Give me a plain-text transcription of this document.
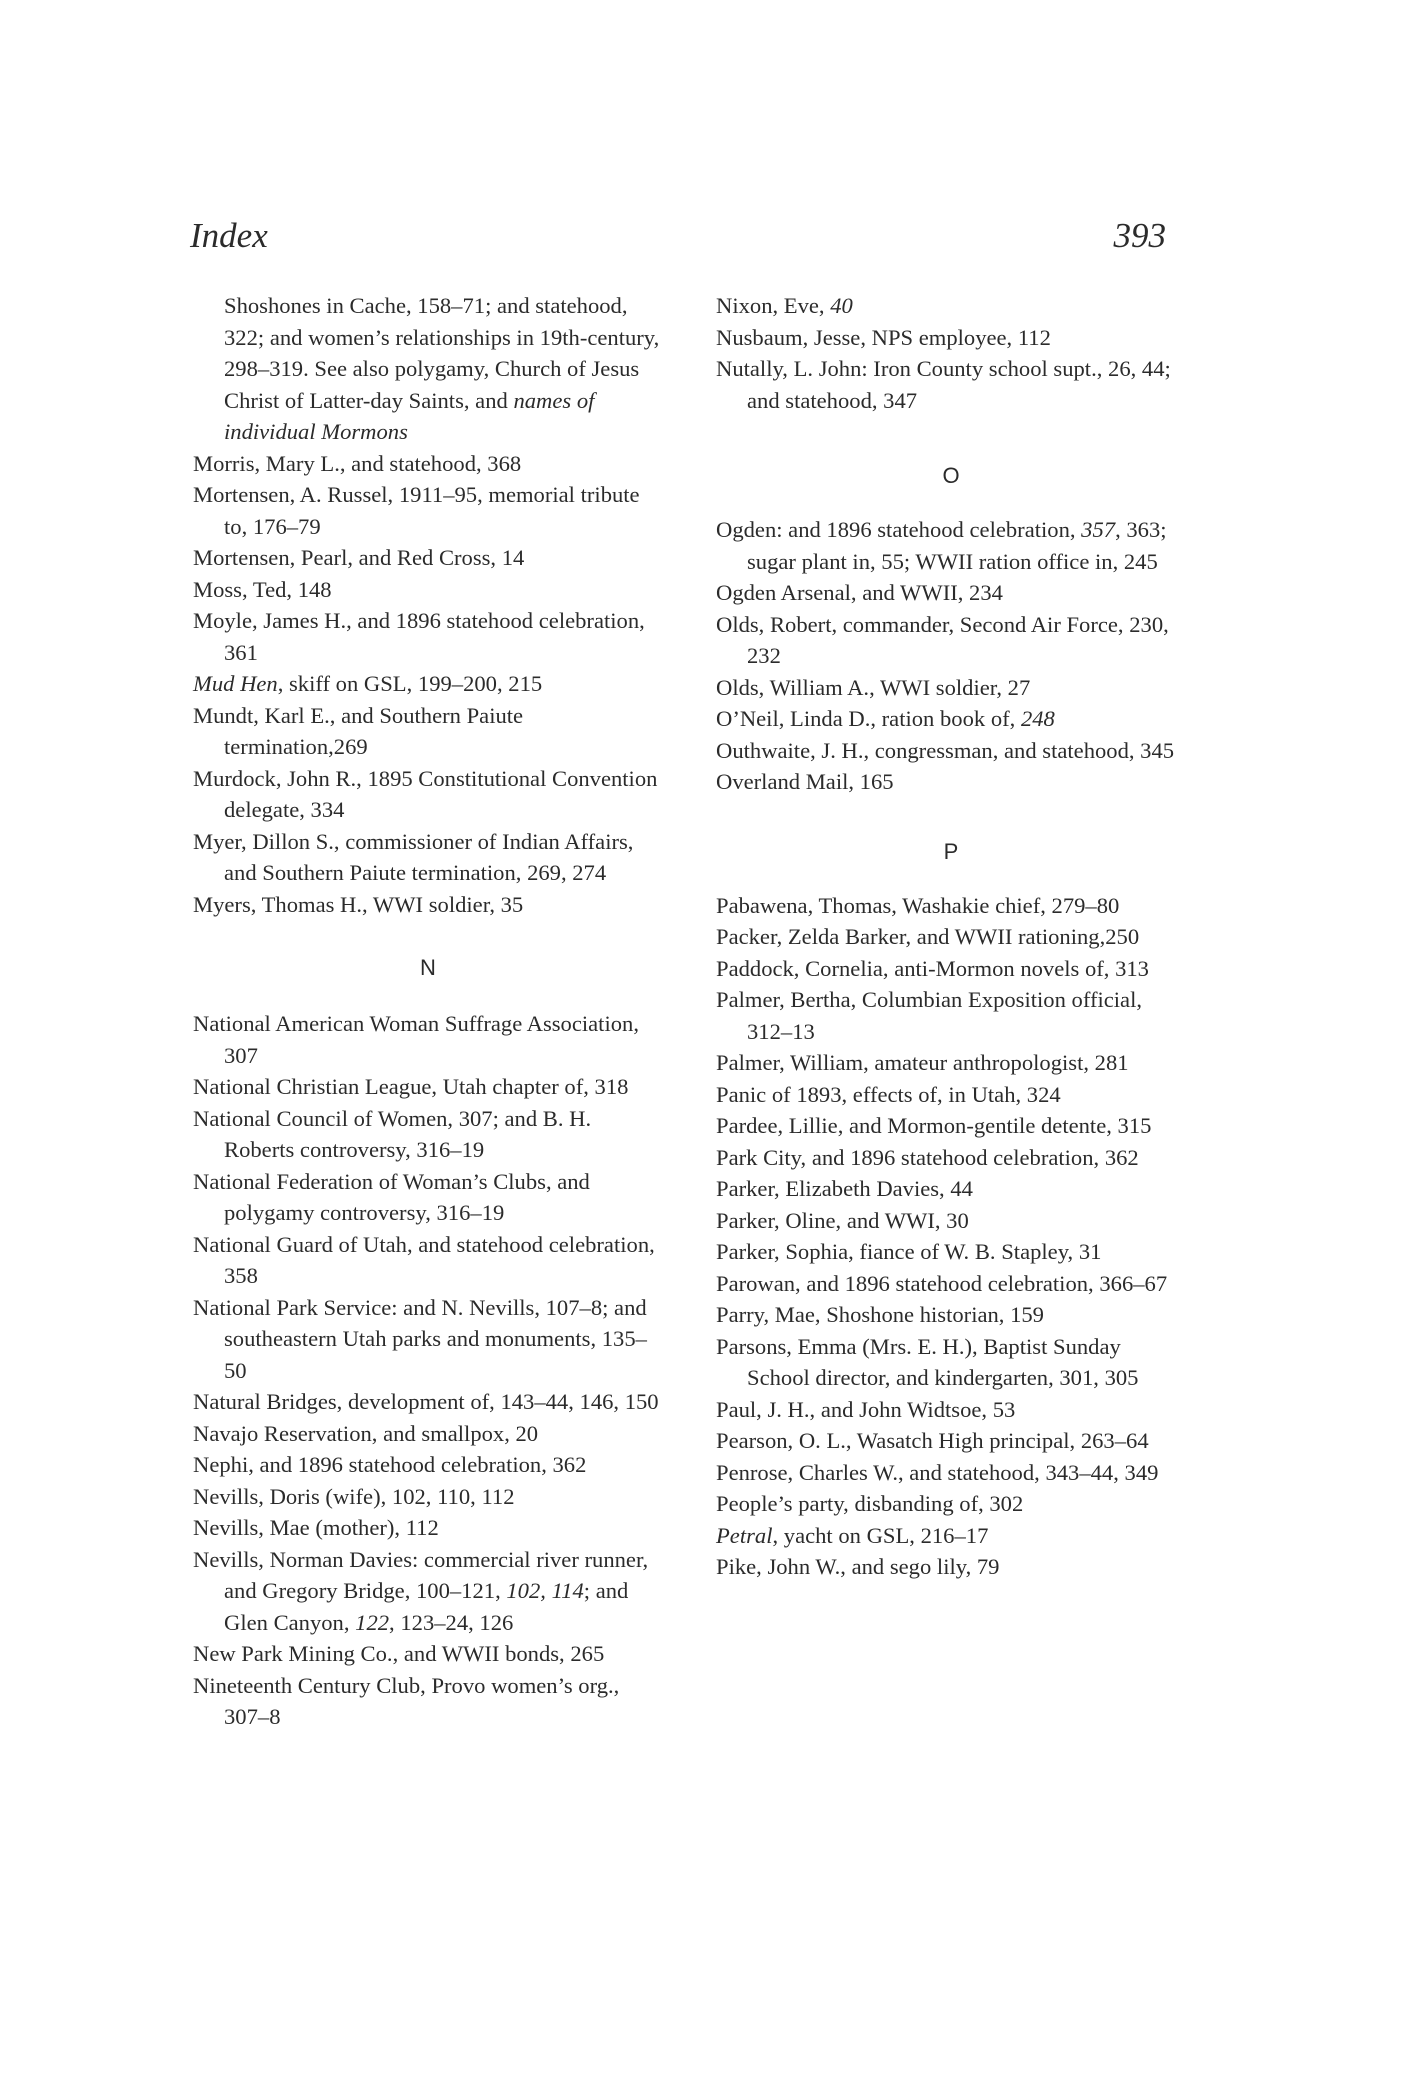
Index	393

Shoshones in Cache, 158–71; and statehood, 322; and women’s relationships in 19th-century, 298–319. See also polygamy, Church of Jesus Christ of Latter-day Saints, and names of individual Mormons

Morris, Mary L., and statehood, 368

Mortensen, A. Russel, 1911–95, memorial tribute to, 176–79

Mortensen, Pearl, and Red Cross, 14

Moss, Ted, 148

Moyle, James H., and 1896 statehood celebration, 361

Mud Hen, skiff on GSL, 199–200, 215

Mundt, Karl E., and Southern Paiute termination,269

Murdock, John R., 1895 Constitutional Convention delegate, 334

Myer, Dillon S., commissioner of Indian Affairs, and Southern Paiute termination, 269, 274

Myers, Thomas H., WWI soldier, 35

N

National American Woman Suffrage Association, 307

National Christian League, Utah chapter of, 318

National Council of Women, 307; and B. H. Roberts controversy, 316–19

National Federation of Woman’s Clubs, and polygamy controversy, 316–19

National Guard of Utah, and statehood celebration, 358

National Park Service: and N. Nevills, 107–8; and southeastern Utah parks and monuments, 135–50

Natural Bridges, development of, 143–44, 146, 150

Navajo Reservation, and smallpox, 20

Nephi, and 1896 statehood celebration, 362

Nevills, Doris (wife), 102, 110, 112

Nevills, Mae (mother), 112

Nevills, Norman Davies: commercial river runner, and Gregory Bridge, 100–121, 102, 114; and Glen Canyon, 122, 123–24, 126

New Park Mining Co., and WWII bonds, 265

Nineteenth Century Club, Provo women’s org., 307–8

Nixon, Eve, 40

Nusbaum, Jesse, NPS employee, 112

Nutally, L. John: Iron County school supt., 26, 44; and statehood, 347

O

Ogden: and 1896 statehood celebration, 357, 363; sugar plant in, 55; WWII ration office in, 245

Ogden Arsenal, and WWII, 234

Olds, Robert, commander, Second Air Force, 230, 232

Olds, William A., WWI soldier, 27

O’Neil, Linda D., ration book of, 248

Outhwaite, J. H., congressman, and statehood, 345

Overland Mail, 165

P

Pabawena, Thomas, Washakie chief, 279–80

Packer, Zelda Barker, and WWII rationing,250

Paddock, Cornelia, anti-Mormon novels of, 313

Palmer, Bertha, Columbian Exposition official, 312–13

Palmer, William, amateur anthropologist, 281

Panic of 1893, effects of, in Utah, 324

Pardee, Lillie, and Mormon-gentile detente, 315

Park City, and 1896 statehood celebration, 362

Parker, Elizabeth Davies, 44

Parker, Oline, and WWI, 30

Parker, Sophia, fiance of W. B. Stapley, 31

Parowan, and 1896 statehood celebration, 366–67

Parry, Mae, Shoshone historian, 159

Parsons, Emma (Mrs. E. H.), Baptist Sunday School director, and kindergarten, 301, 305

Paul, J. H., and John Widtsoe, 53

Pearson, O. L., Wasatch High principal, 263–64

Penrose, Charles W., and statehood, 343–44, 349

People’s party, disbanding of, 302

Petral, yacht on GSL, 216–17

Pike, John W., and sego lily, 79
